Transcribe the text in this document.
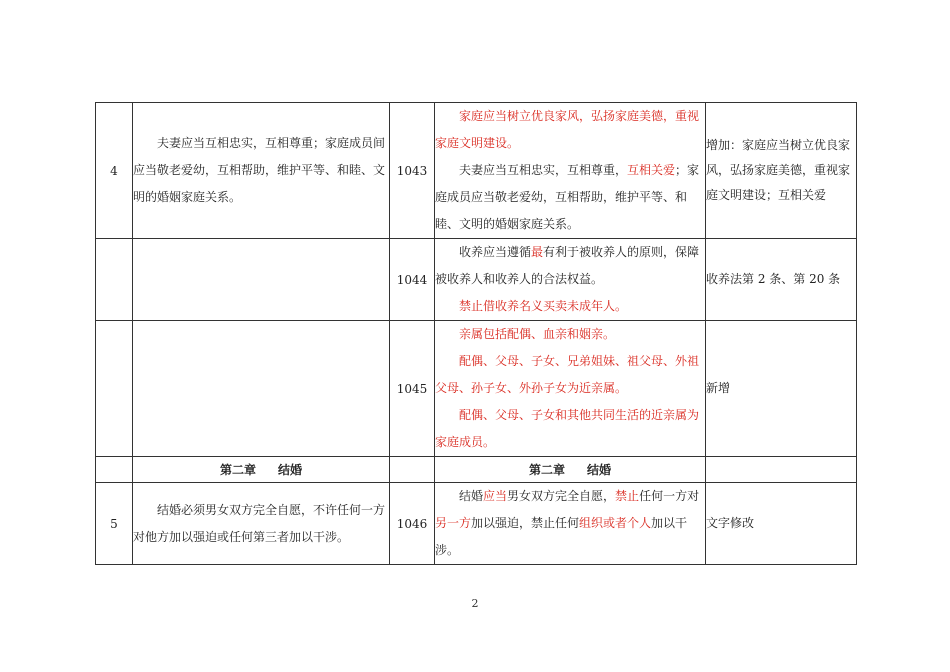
4	夫妻应当互相忠实，互相尊重；家庭成员间应当敬老爱幼，互相帮助，维护平等、和睦、文明的婚姻家庭关系。	1043	家庭应当树立优良家风，弘扬家庭美德，重视家庭文明建设。
夫妻应当互相忠实，互相尊重，互相关爱；家庭成员应当敬老爱幼，互相帮助，维护平等、和睦、文明的婚姻家庭关系。	增加：家庭应当树立优良家风，弘扬家庭美德，重视家庭文明建设；互相关爱
		1044	收养应当遵循最有利于被收养人的原则，保障被收养人和收养人的合法权益。
禁止借收养名义买卖未成年人。	收养法第 2 条、第 20 条
		1045	亲属包括配偶、血亲和姻亲。
配偶、父母、子女、兄弟姐妹、祖父母、外祖父母、孙子女、外孙子女为近亲属。
配偶、父母、子女和其他共同生活的近亲属为家庭成员。	新增
	第二章 结婚		第二章 结婚	
5	结婚必须男女双方完全自愿，不许任何一方对他方加以强迫或任何第三者加以干涉。	1046	结婚应当男女双方完全自愿，禁止任何一方对另一方加以强迫，禁止任何组织或者个人加以干涉。	文字修改
2
